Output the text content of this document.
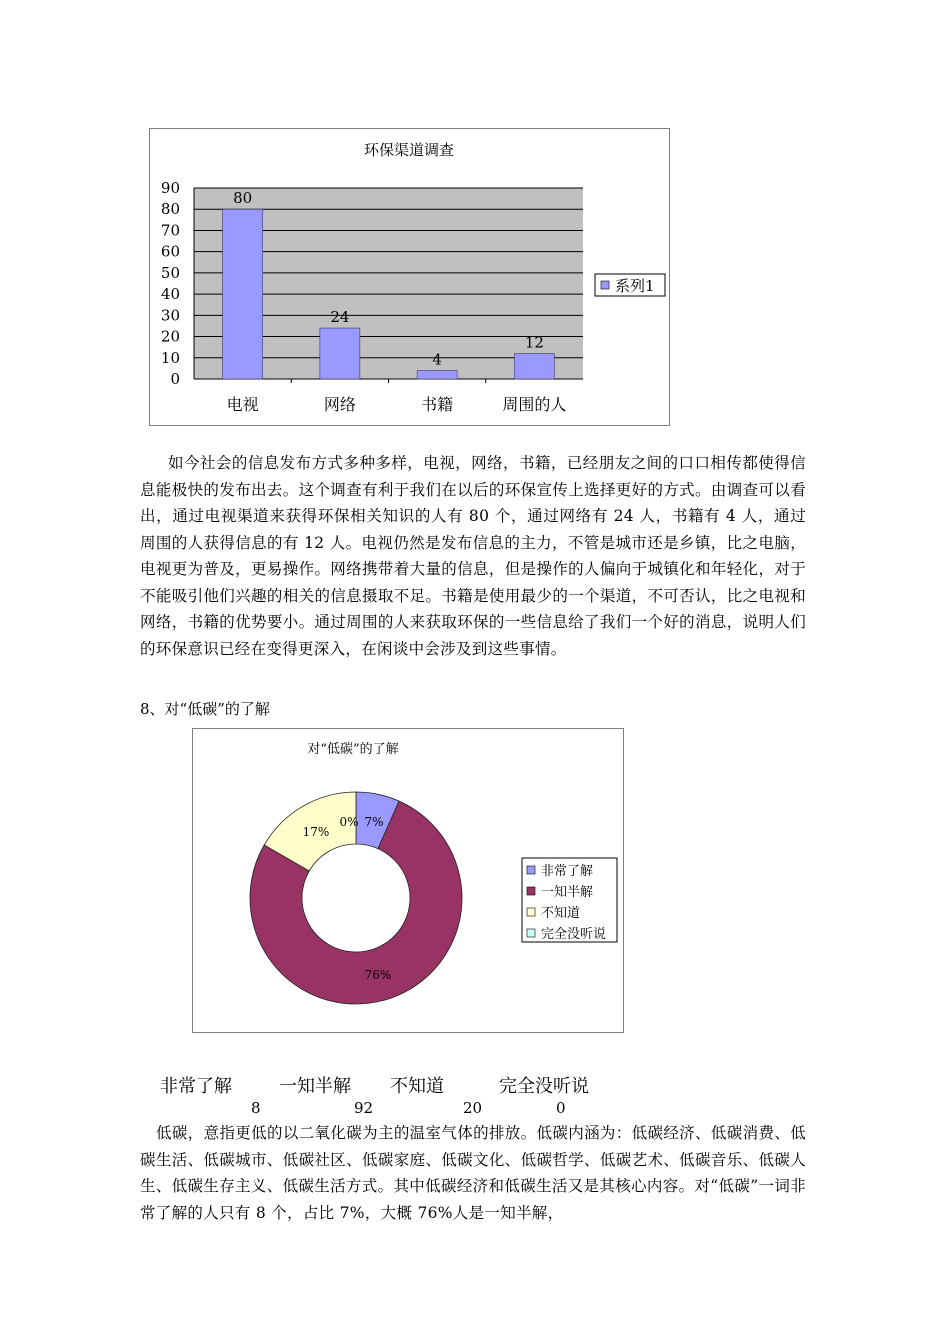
环保渠道调查
0
10
20
30
40
50
60
70
80
90
80
电视
24
网络
4
书籍
12
周围的人
系列1

如今社会的信息发布方式多种多样，电视，网络，书籍，已经朋友之间的口口相传都使得信息能极快的发布出去。这个调查有利于我们在以后的环保宣传上选择更好的方式。由调查可以看出，通过电视渠道来获得环保相关知识的人有 80 个，通过网络有 24 人，书籍有 4 人，通过周围的人获得信息的有 12 人。电视仍然是发布信息的主力，不管是城市还是乡镇，比之电脑，电视更为普及，更易操作。网络携带着大量的信息，但是操作的人偏向于城镇化和年轻化，对于不能吸引他们兴趣的相关的信息摄取不足。书籍是使用最少的一个渠道，不可否认，比之电视和网络，书籍的优势要小。通过周围的人来获取环保的一些信息给了我们一个好的消息，说明人们的环保意识已经在变得更深入，在闲谈中会涉及到这些事情。

8、对“低碳”的了解

对“低碳”的了解
0% 7%
76%
17%
非常了解
一知半解
不知道
完全没听说
非常了解	一知半解 不知道	完全没听说
8	92	20	0

低碳，意指更低的以二氧化碳为主的温室气体的排放。低碳内涵为：低碳经济、低碳消费、低碳生活、低碳城市、低碳社区、低碳家庭、低碳文化、低碳哲学、低碳艺术、低碳音乐、低碳人生、低碳生存主义、低碳生活方式。其中低碳经济和低碳生活又是其核心内容。对“低碳”一词非常了解的人只有 8 个，占比 7%，大概 76%人是一知半解，
